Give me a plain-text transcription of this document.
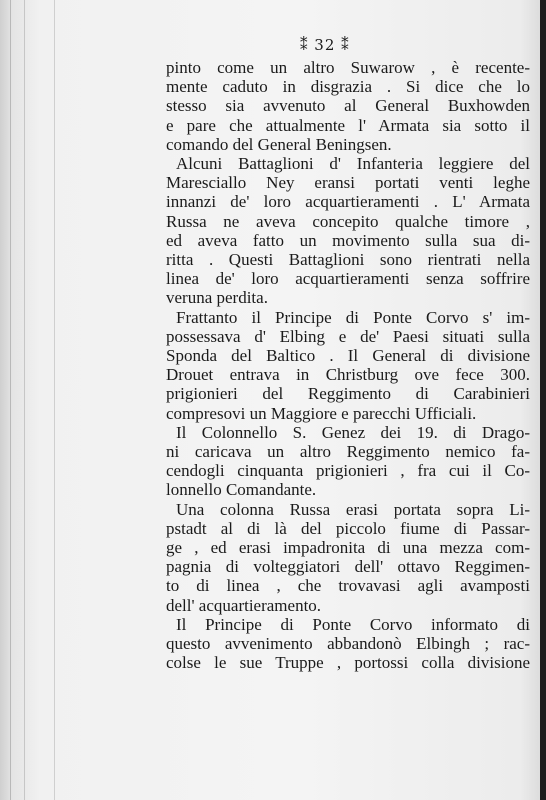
⁑ 32 ⁑
pinto come un altro Suwarow , è recente-
mente caduto in disgrazia . Si dice che lo
stesso sia avvenuto al General Buxhowden
e pare che attualmente l' Armata sia sotto il
comando del General Beningsen.
Alcuni Battaglioni d' Infanteria leggiere del
Maresciallo Ney eransi portati venti leghe
innanzi de' loro acquartieramenti . L' Armata
Russa ne aveva concepito qualche timore ,
ed aveva fatto un movimento sulla sua di-
ritta . Questi Battaglioni sono rientrati nella
linea de' loro acquartieramenti senza soffrire
veruna perdita.
Frattanto il Principe di Ponte Corvo s' im-
possessava d' Elbing e de' Paesi situati sulla
Sponda del Baltico . Il General di divisione
Drouet entrava in Christburg ove fece 300.
prigionieri del Reggimento di Carabinieri
compresovi un Maggiore e parecchi Ufficiali.
Il Colonnello S. Genez dei 19. di Drago-
ni caricava un altro Reggimento nemico fa-
cendogli cinquanta prigionieri , fra cui il Co-
lonnello Comandante.
Una colonna Russa erasi portata sopra Li-
pstadt al di là del piccolo fiume di Passar-
ge , ed erasi impadronita di una mezza com-
pagnia di volteggiatori dell' ottavo Reggimen-
to di linea , che trovavasi agli avamposti
dell' acquartieramento.
Il Principe di Ponte Corvo informato di
questo avvenimento abbandonò Elbingh ; rac-
colse le sue Truppe , portossi colla divisione
